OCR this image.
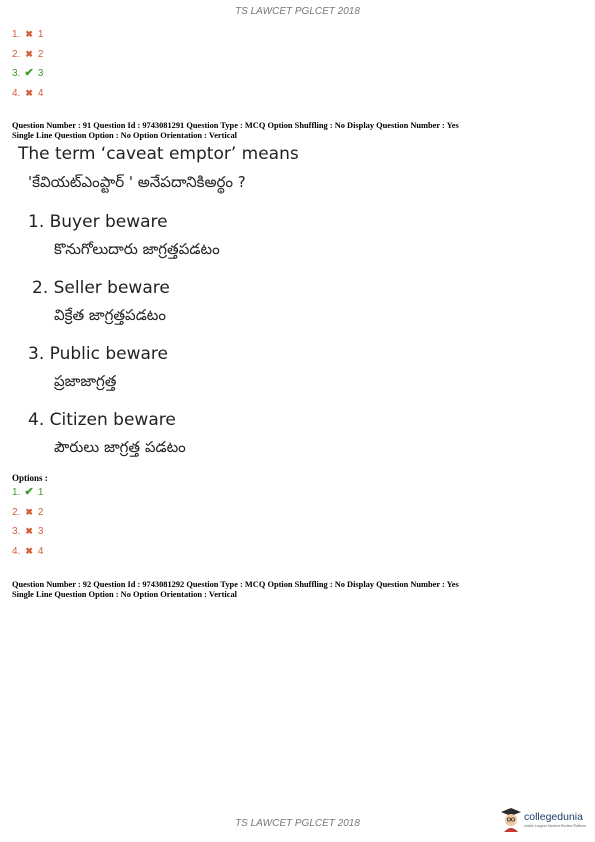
TS LAWCET PGLCET 2018
1. ✖ 1
2. ✖ 2
3. ✔ 3
4. ✖ 4
Question Number : 91 Question Id : 9743081291 Question Type : MCQ Option Shuffling : No Display Question Number : Yes
Single Line Question Option : No Option Orientation : Vertical
The term ‘caveat emptor’ means
'కేవియట్ఎంప్టార్ ' అనేపదానికిఅర్థం ?
1. Buyer beware
కొనుగోలుదారు జాగ్రత్తపడటం
2. Seller beware
విక్రేత జాగ్రత్తపడటం
3. Public beware
ప్రజాజాగ్రత్త
4. Citizen beware
పౌరులు జాగ్రత్త పడటం
Options :
1. ✔ 1
2. ✖ 2
3. ✖ 3
4. ✖ 4
Question Number : 92 Question Id : 9743081292 Question Type : MCQ Option Shuffling : No Display Question Number : Yes
Single Line Question Option : No Option Orientation : Vertical
TS LAWCET PGLCET 2018
collegedunia
India's Largest Student Review Platform
